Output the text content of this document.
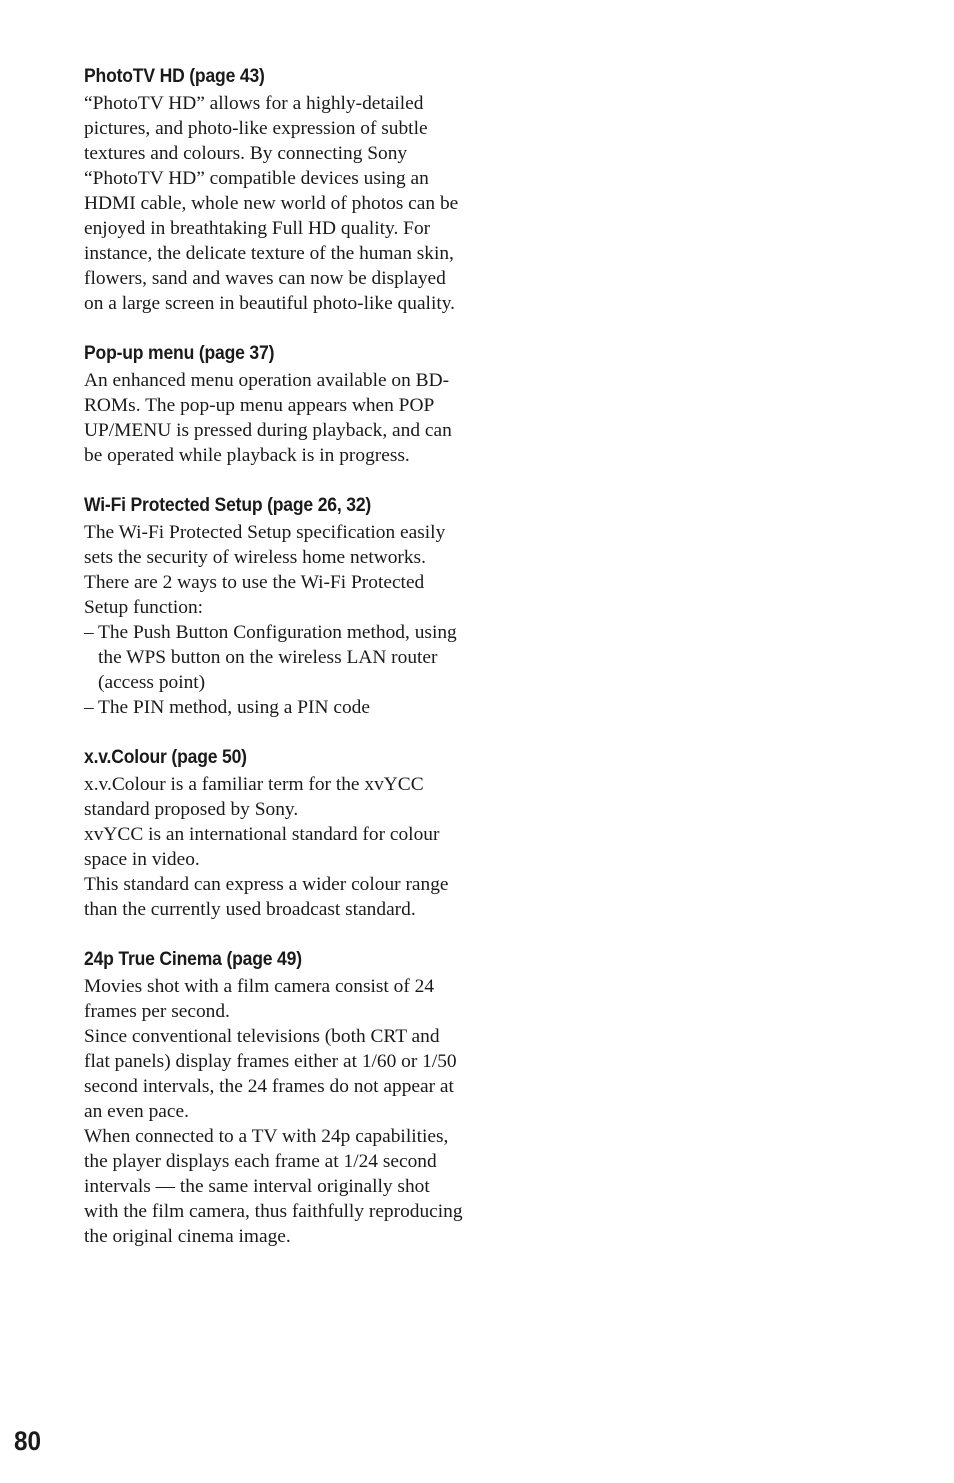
PhotoTV HD (page 43)

“PhotoTV HD” allows for a highly-detailed pictures, and photo-like expression of subtle textures and colours. By connecting Sony “PhotoTV HD” compatible devices using an HDMI cable, whole new world of photos can be enjoyed in breathtaking Full HD quality. For instance, the delicate texture of the human skin, flowers, sand and waves can now be displayed on a large screen in beautiful photo-like quality.

Pop-up menu (page 37)

An enhanced menu operation available on BD-ROMs. The pop-up menu appears when POP UP/MENU is pressed during playback, and can be operated while playback is in progress.

Wi-Fi Protected Setup (page 26, 32)

The Wi-Fi Protected Setup specification easily sets the security of wireless home networks.

There are 2 ways to use the Wi-Fi Protected Setup function:

– The Push Button Configuration method, using the WPS button on the wireless LAN router (access point)
– The PIN method, using a PIN code
x.v.Colour (page 50)

x.v.Colour is a familiar term for the xvYCC standard proposed by Sony.

xvYCC is an international standard for colour space in video.

This standard can express a wider colour range than the currently used broadcast standard.

24p True Cinema (page 49)

Movies shot with a film camera consist of 24 frames per second.

Since conventional televisions (both CRT and flat panels) display frames either at 1/60 or 1/50 second intervals, the 24 frames do not appear at an even pace.

When connected to a TV with 24p capabilities, the player displays each frame at 1/24 second intervals — the same interval originally shot with the film camera, thus faithfully reproducing the original cinema image.

80
